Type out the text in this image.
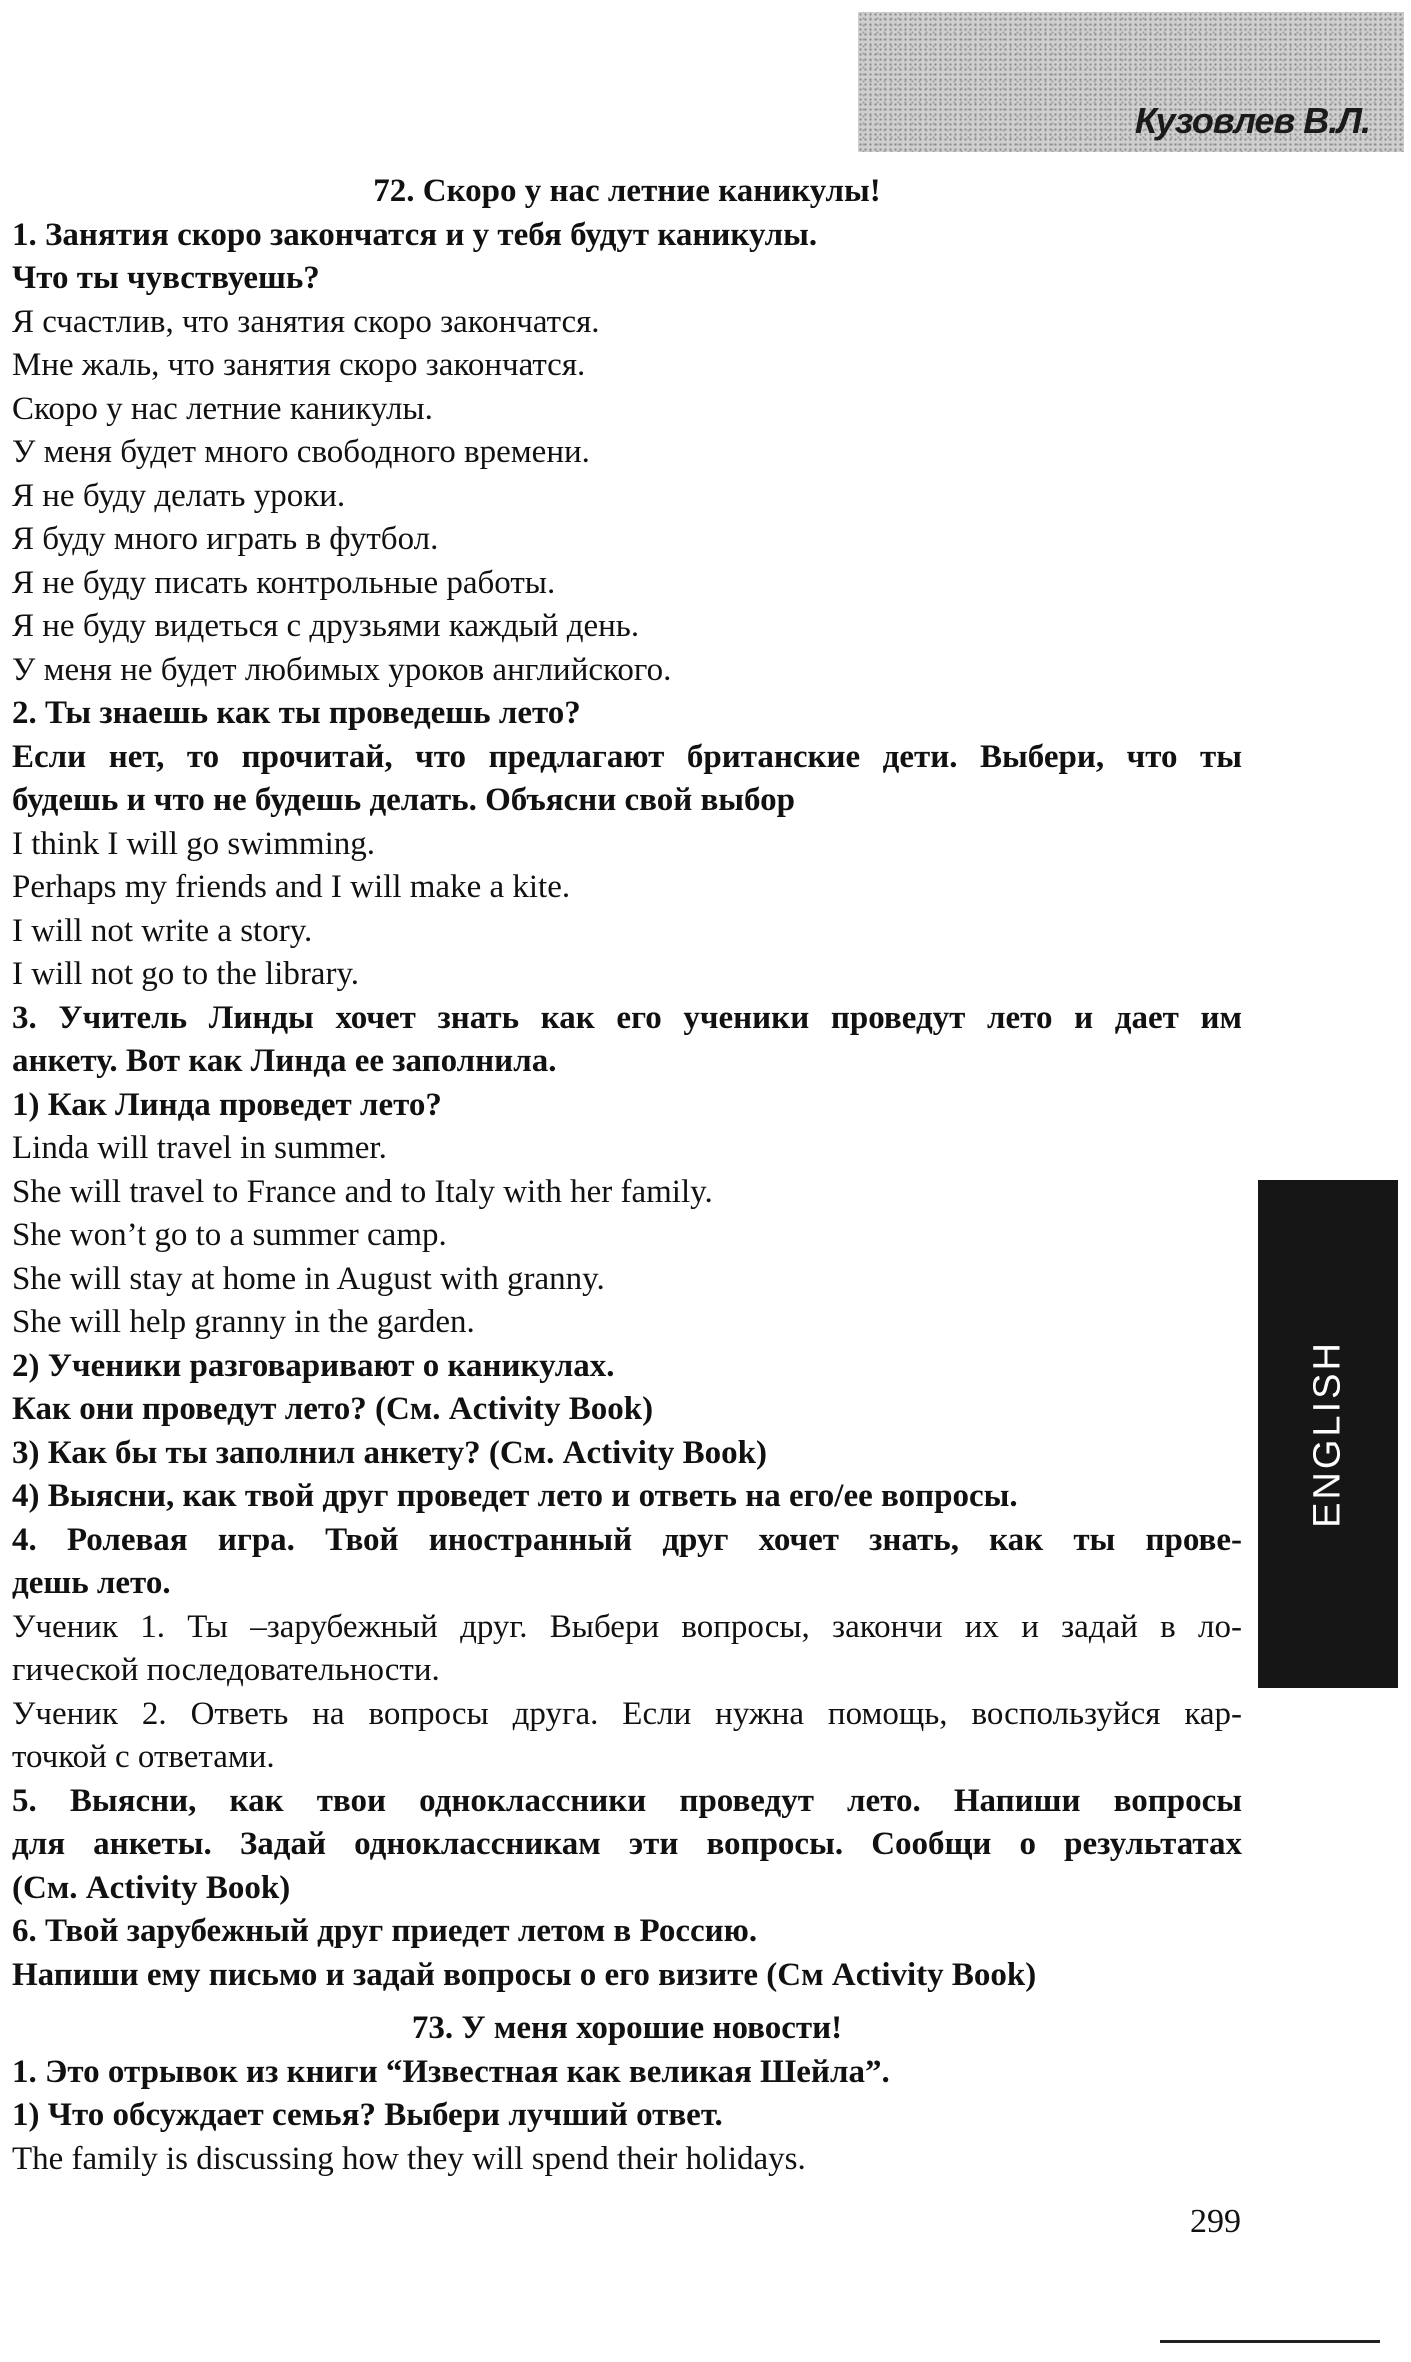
Кузовлев В.Л.
72. Скоро у нас летние каникулы!
1. Занятия скоро закончатся и у тебя будут каникулы.
Что ты чувствуешь?
Я счастлив, что занятия скоро закончатся.
Мне жаль, что занятия скоро закончатся.
Скоро у нас летние каникулы.
У меня будет много свободного времени.
Я не буду делать уроки.
Я буду много играть в футбол.
Я не буду писать контрольные работы.
Я не буду видеться с друзьями каждый день.
У меня не будет любимых уроков английского.
2. Ты знаешь как ты проведешь лето?
Если нет, то прочитай, что предлагают британские дети. Выбери, что ты
будешь и что не будешь делать. Объясни свой выбор
I think I will go swimming.
Perhaps my friends and I will make a kite.
I will not write a story.
I will not go to the library.
3. Учитель Линды хочет знать как его ученики проведут лето и дает им
анкету. Вот как Линда ее заполнила.
1) Как Линда проведет лето?
Linda will travel in summer.
She will travel to France and to Italy with her family.
She won’t go to a summer camp.
She will stay at home in August with granny.
She will help granny in the garden.
2) Ученики разговаривают о каникулах.
Как они проведут лето? (См. Activity Book)
3) Как бы ты заполнил анкету? (См. Activity Book)
4) Выясни, как твой друг проведет лето и ответь на его/ее вопросы.
4. Ролевая игра. Твой иностранный друг хочет знать, как ты прове-
дешь лето.
Ученик 1. Ты –зарубежный друг. Выбери вопросы, закончи их и задай в ло-
гической последовательности.
Ученик 2. Ответь на вопросы друга. Если нужна помощь, воспользуйся кар-
точкой с ответами.
5. Выясни, как твои одноклассники проведут лето. Напиши вопросы
для анкеты. Задай одноклассникам эти вопросы. Сообщи о результатах
(См. Activity Book)
6. Твой зарубежный друг приедет летом в Россию.
Напиши ему письмо и задай вопросы о его визите (См Activity Book)
73. У меня хорошие новости!
1. Это отрывок из книги “Известная как великая Шейла”.
1) Что обсуждает семья? Выбери лучший ответ.
The family is discussing how they will spend their holidays.
ENGLISH
299
